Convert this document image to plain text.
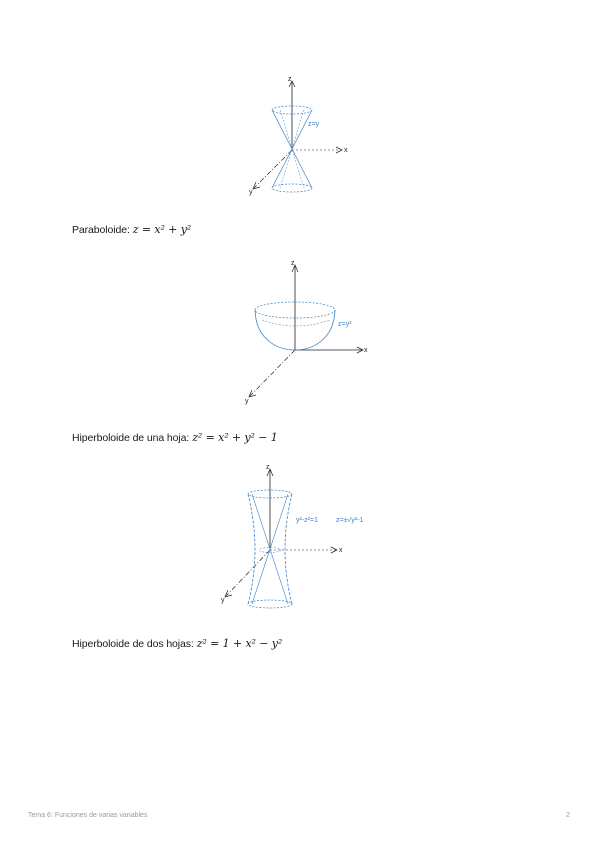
z
x
y
z=y
Paraboloide: z = x² + y²
z
x
y
z=y²
Hiperboloide de una hoja: z² = x² + y² − 1
z
x
y
y²-z²=1	z=±√y²-1
Hiperboloide de dos hojas: z² = 1 + x² − y²
Tema 6: Funciones de varias variables	2
